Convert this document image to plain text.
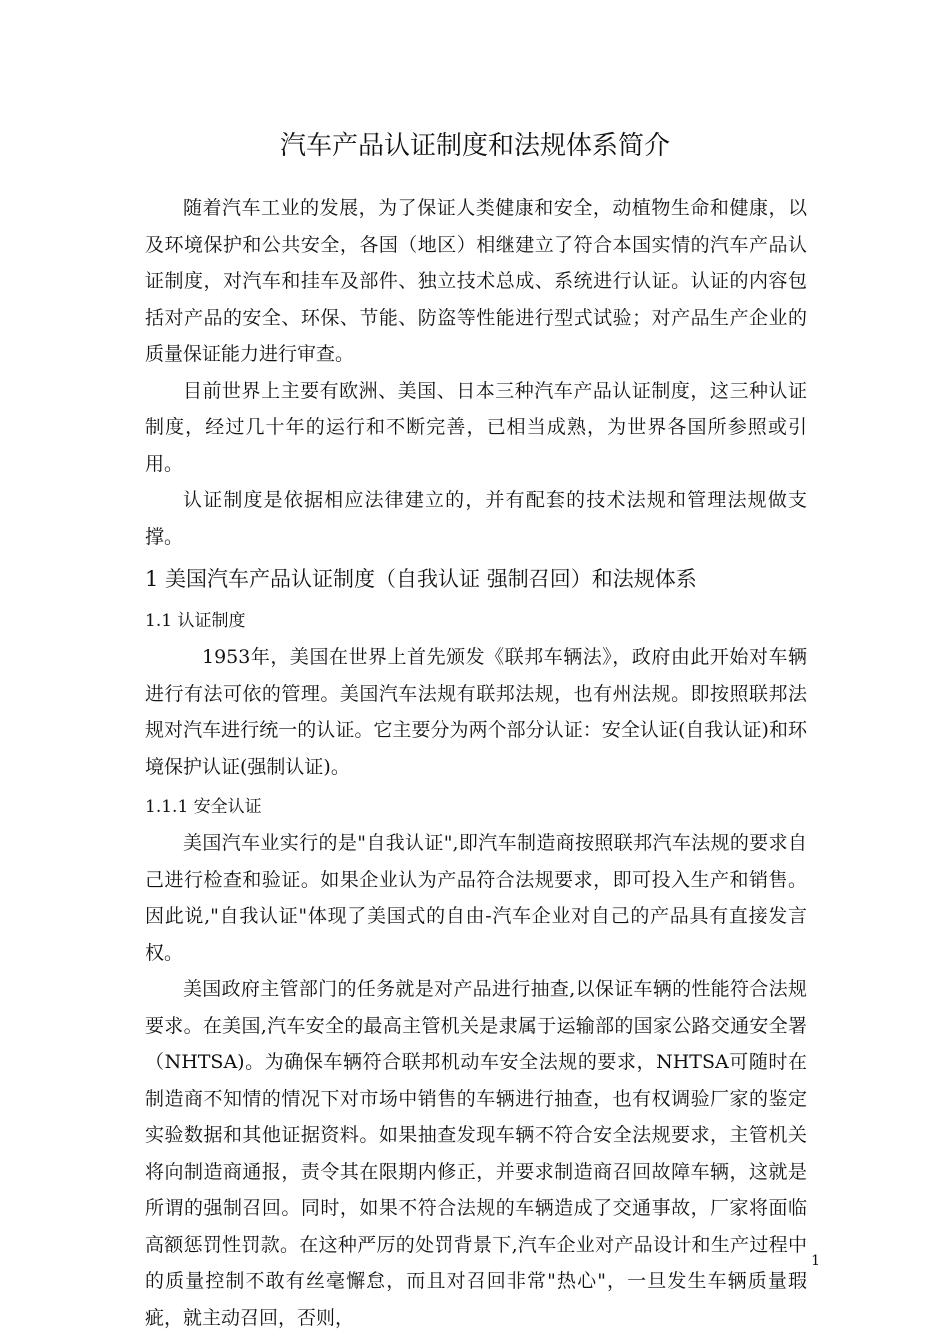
汽车产品认证制度和法规体系简介

随着汽车工业的发展，为了保证人类健康和安全，动植物生命和健康，以及环境保护和公共安全，各国（地区）相继建立了符合本国实情的汽车产品认证制度，对汽车和挂车及部件、独立技术总成、系统进行认证。认证的内容包括对产品的安全、环保、节能、防盗等性能进行型式试验；对产品生产企业的质量保证能力进行审查。

目前世界上主要有欧洲、美国、日本三种汽车产品认证制度，这三种认证制度，经过几十年的运行和不断完善，已相当成熟，为世界各国所参照或引用。

认证制度是依据相应法律建立的，并有配套的技术法规和管理法规做支撑。

1 美国汽车产品认证制度（自我认证 强制召回）和法规体系
1.1 认证制度

1953年，美国在世界上首先颁发《联邦车辆法》，政府由此开始对车辆进行有法可依的管理。美国汽车法规有联邦法规，也有州法规。即按照联邦法规对汽车进行统一的认证。它主要分为两个部分认证：安全认证(自我认证)和环境保护认证(强制认证)。

1.1.1 安全认证

美国汽车业实行的是"自我认证",即汽车制造商按照联邦汽车法规的要求自己进行检查和验证。如果企业认为产品符合法规要求，即可投入生产和销售。因此说,"自我认证"体现了美国式的自由-汽车企业对自己的产品具有直接发言权。

美国政府主管部门的任务就是对产品进行抽查,以保证车辆的性能符合法规要求。在美国,汽车安全的最高主管机关是隶属于运输部的国家公路交通安全署（NHTSA)。为确保车辆符合联邦机动车安全法规的要求，NHTSA可随时在制造商不知情的情况下对市场中销售的车辆进行抽查，也有权调验厂家的鉴定实验数据和其他证据资料。如果抽查发现车辆不符合安全法规要求，主管机关将向制造商通报，责令其在限期内修正，并要求制造商召回故障车辆，这就是所谓的强制召回。同时，如果不符合法规的车辆造成了交通事故，厂家将面临高额惩罚性罚款。在这种严厉的处罚背景下,汽车企业对产品设计和生产过程中的质量控制不敢有丝毫懈怠，而且对召回非常"热心"，一旦发生车辆质量瑕疵，就主动召回，否则，

1
